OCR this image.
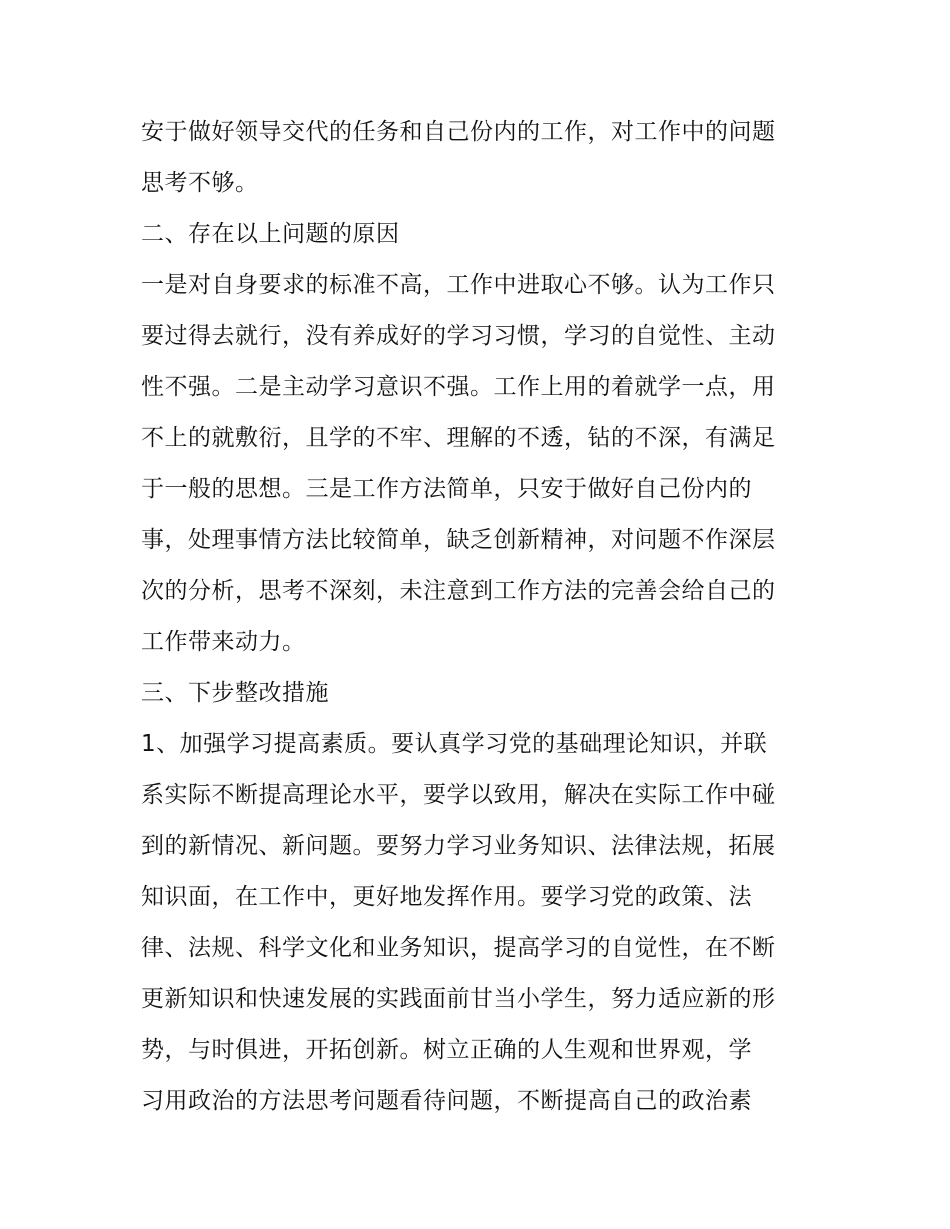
安于做好领导交代的任务和自己份内的工作，对工作中的问题
思考不够。
二、存在以上问题的原因
一是对自身要求的标准不高，工作中进取心不够。认为工作只
要过得去就行，没有养成好的学习习惯，学习的自觉性、主动
性不强。二是主动学习意识不强。工作上用的着就学一点，用
不上的就敷衍，且学的不牢、理解的不透，钻的不深，有满足
于一般的思想。三是工作方法简单，只安于做好自己份内的
事，处理事情方法比较简单，缺乏创新精神，对问题不作深层
次的分析，思考不深刻，未注意到工作方法的完善会给自己的
工作带来动力。
三、下步整改措施
1、加强学习提高素质。要认真学习党的基础理论知识，并联
系实际不断提高理论水平，要学以致用，解决在实际工作中碰
到的新情况、新问题。要努力学习业务知识、法律法规，拓展
知识面，在工作中，更好地发挥作用。要学习党的政策、法
律、法规、科学文化和业务知识，提高学习的自觉性，在不断
更新知识和快速发展的实践面前甘当小学生，努力适应新的形
势，与时俱进，开拓创新。树立正确的人生观和世界观，学
习用政治的方法思考问题看待问题，不断提高自己的政治素
